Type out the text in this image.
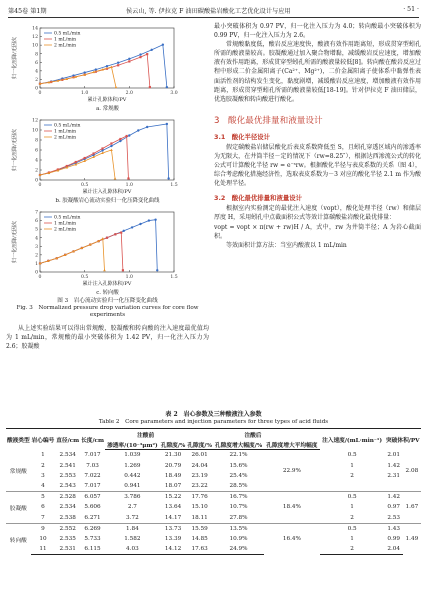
第45卷 第1期	侯云山, 等. 伊拉克 F 油田碳酸盐岩酸化工艺优化设计与应用	· 51 ·
0
2
4
6
8
10
12
14
0	1.0	2.0	3.0
累计孔隙体积/PV
归一化压降/无因次
0.5 mL/min
1 mL/min
2 mL/min
a. 常规酸
0
2
4
6
8
10
12
0	0.5	1.0	1.5
累计注入孔隙体积/PV
归一化压降/无因次
0.5 mL/min
1 mL/min
2 mL/min
b. 胶凝酸岩心流动实验归一化压降变化曲线
0
1
2
3
4
5
6
7
0	0.5	1.0	1.5
累计注入孔隙体积/PV
归一化压降/无因次
0.5 mL/min
1 mL/min
2 mL/min
c. 转向酸
图 3　岩心流动实验归一化压降变化曲线
Fig. 3　Normalized pressure drop variation curves for core flow
experiments

从上述实验结果可以得出常规酸、胶凝酸和转向酸的注入速度最优值均为 1 mL/min，常规酸的最小突破体积为 1.42 PV，归一化注入压力为 2.6；胶凝酸

最小突破体积为 0.97 PV，归一化注入压力为 4.0；转向酸最小突破体积为 0.99 PV，归一化注入压力为 2.6。

常规酸黏度低，酸岩反应速度快，酸液有效作用距离短，形成贯穿型蚓孔所需的酸液量较高。胶凝酸通过加入聚合物增黏，减缓酸岩反应速度，增加酸液有效作用距离，形成贯穿型蚓孔所需的酸液量较低[8]。转向酸在酸岩反应过程中形成二价金属阳离子(Ca²⁺、Mg²⁺)，二价金属阳离子使体系中黏弹性表面活性剂的结构发生变化，黏度剧增，减缓酸岩反应速度，增加酸液有效作用距离，形成贯穿型蚓孔所需的酸液量较低[18-19]。针对伊拉克 F 油田储层，优选胶凝酸和转向酸进行酸化。

3　酸化最优排量和液量设计
3.1　酸化半径设计

假定碳酸盐岩储层酸化后表皮系数降低至 S，且蚓孔穿透区域内的渗透率为无限大，在井筒半径－定的情况下（rw=8.25″），根据达西渗流公式的转化公式可计算酸化半径 rw = e⁻ˢrw。根据酸化半径与表皮系数的关系（图 4），综合考虑酸化措施经济性，选取表皮系数为－3 对应的酸化半径 2.1 m 作为酸化处理半径。

3.2　酸化最优排量和液量设计

根据室内实验测定的最优注入速度（vopt），酸化处理半径（rw）和储层厚度 H，采用蚓孔中点截面积公式等效计算碳酸盐岩酸化最优排量：

vopt = vopt × π(rw + rw)H / A，式中，rw 为井筒半径；A 为岩心截面积。

等效面积计算方法：当室内酸液以 1 mL/min

表 2　岩心参数及三种酸液注入参数
Table 2　Core parameters and injection parameters for three types of acid fluids
酸液类型	岩心编号	直径/cm	长度/cm	注酸前		注酸后			注入速度/(mL·min⁻¹)	突破体积/PV	
				渗透率/(10⁻³μm²)	孔隙度/%	孔隙度/%	孔隙度增大幅度/%	孔隙度增大平均幅度			
常规酸	1	2.534	7.017	1.039	21.30	26.01	22.1%	22.9%	0.5	2.01	2.08
	2	2.541	7.03	1.269	20.79	24.04	15.6%		1	1.42	
	3	2.553	7.022	0.442	18.49	23.19	25.4%		2	2.31	
	4	2.543	7.017	0.941	18.07	23.22	28.5%				
胶凝酸	5	2.528	6.057	3.786	15.22	17.76	16.7%	18.4%	0.5	1.42	1.67
	6	2.534	5.606	2.7	13.64	15.10	10.7%		1	0.97	
	7	2.538	6.271	3.72	14.17	18.11	27.8%		2	2.53	
转向酸	9	2.552	6.269	1.84	13.73	15.59	13.5%	16.4%	0.5	1.43	1.49
	10	2.535	5.733	1.582	13.39	14.85	10.9%		1	0.99	
	11	2.531	6.115	4.03	14.12	17.63	24.9%		2	2.04	
